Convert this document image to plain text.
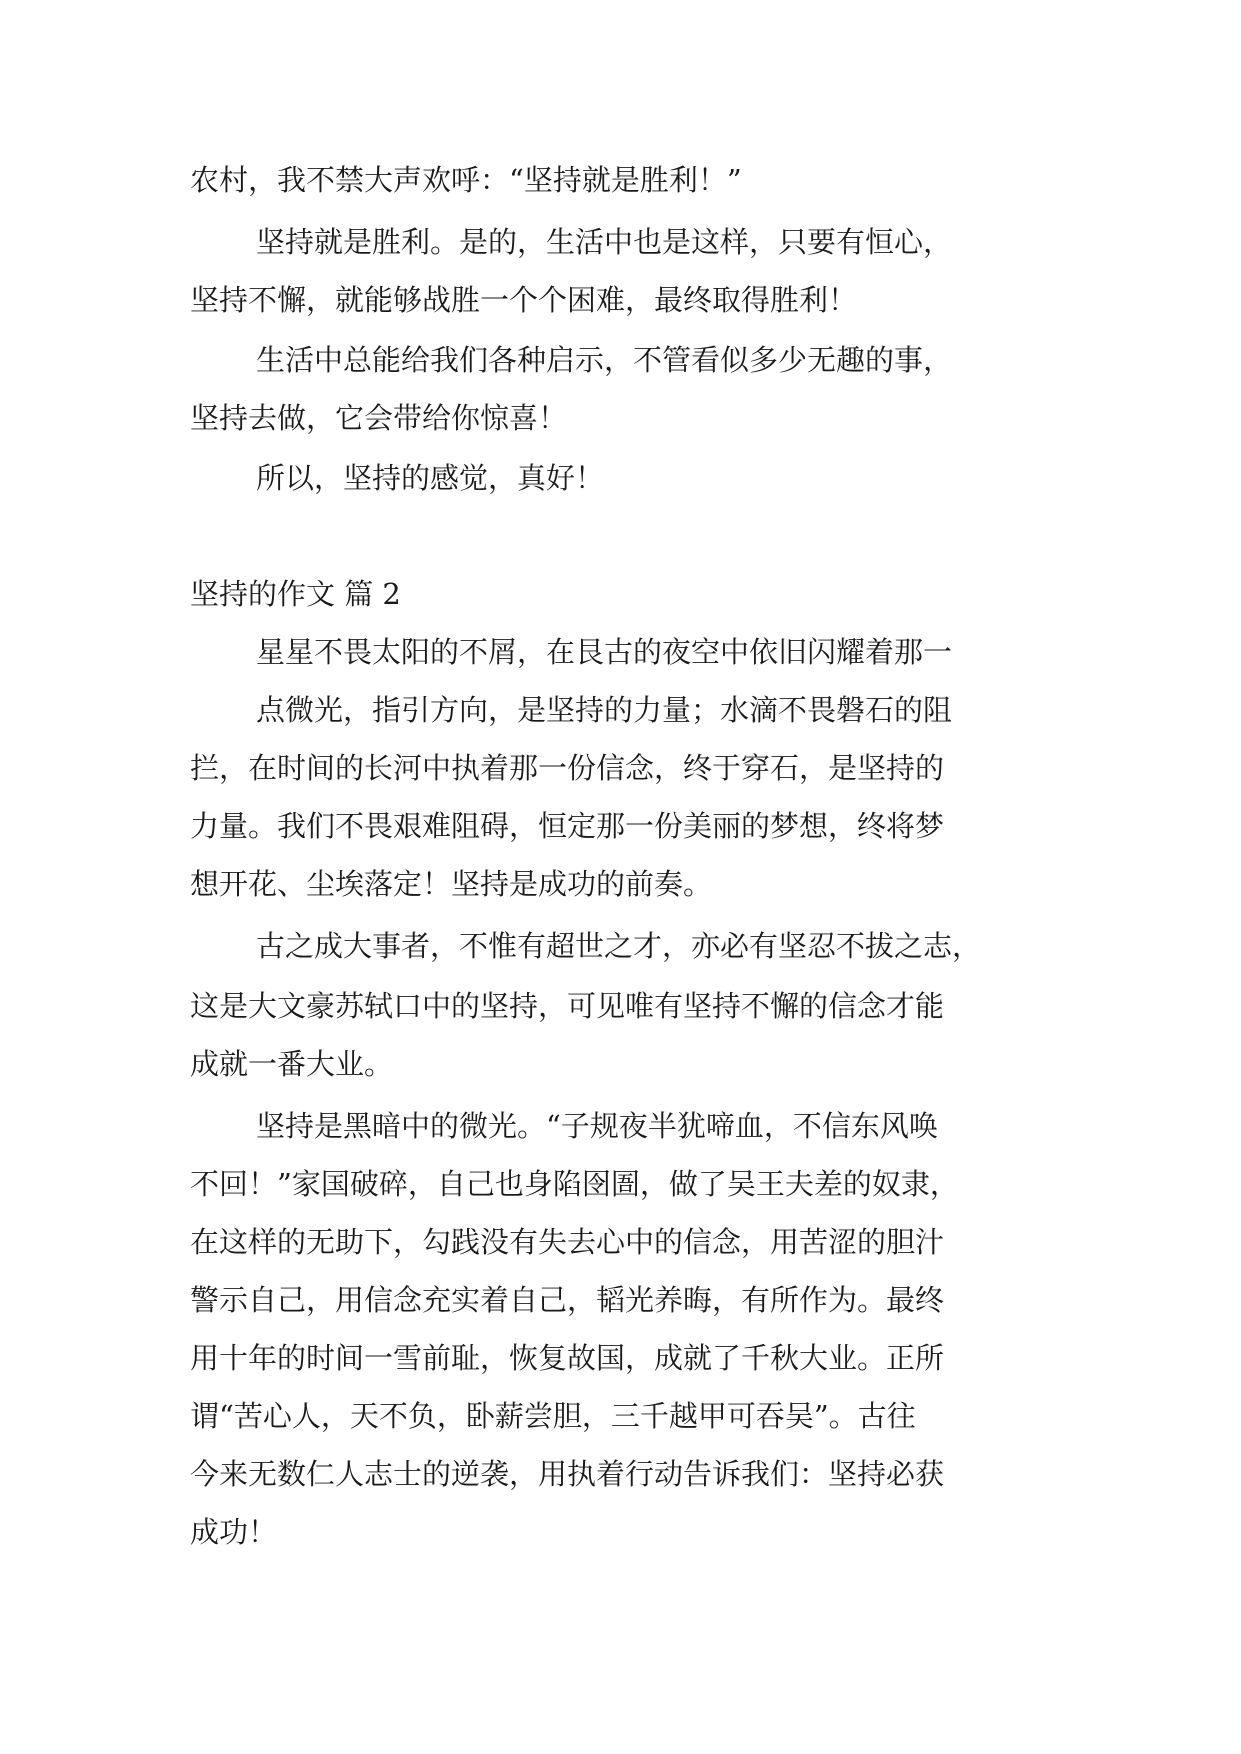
农村，我不禁大声欢呼：“坚持就是胜利！”

坚持就是胜利。是的，生活中也是这样，只要有恒心，

坚持不懈，就能够战胜一个个困难，最终取得胜利！

生活中总能给我们各种启示，不管看似多少无趣的事，

坚持去做，它会带给你惊喜！

所以，坚持的感觉，真好！

坚持的作文 篇 2

星星不畏太阳的不屑，在艮古的夜空中依旧闪耀着那一

点微光，指引方向，是坚持的力量；水滴不畏磐石的阻

拦，在时间的长河中执着那一份信念，终于穿石，是坚持的

力量。我们不畏艰难阻碍，恒定那一份美丽的梦想，终将梦

想开花、尘埃落定！坚持是成功的前奏。

古之成大事者，不惟有超世之才，亦必有坚忍不拔之志，

这是大文豪苏轼口中的坚持，可见唯有坚持不懈的信念才能

成就一番大业。

坚持是黑暗中的微光。“子规夜半犹啼血，不信东风唤

不回！”家国破碎，自己也身陷囹圄，做了吴王夫差的奴隶，

在这样的无助下，勾践没有失去心中的信念，用苦涩的胆汁

警示自己，用信念充实着自己，韬光养晦，有所作为。最终

用十年的时间一雪前耻，恢复故国，成就了千秋大业。正所

谓“苦心人，天不负，卧薪尝胆，三千越甲可吞吴”。古往

今来无数仁人志士的逆袭，用执着行动告诉我们：坚持必获

成功！
